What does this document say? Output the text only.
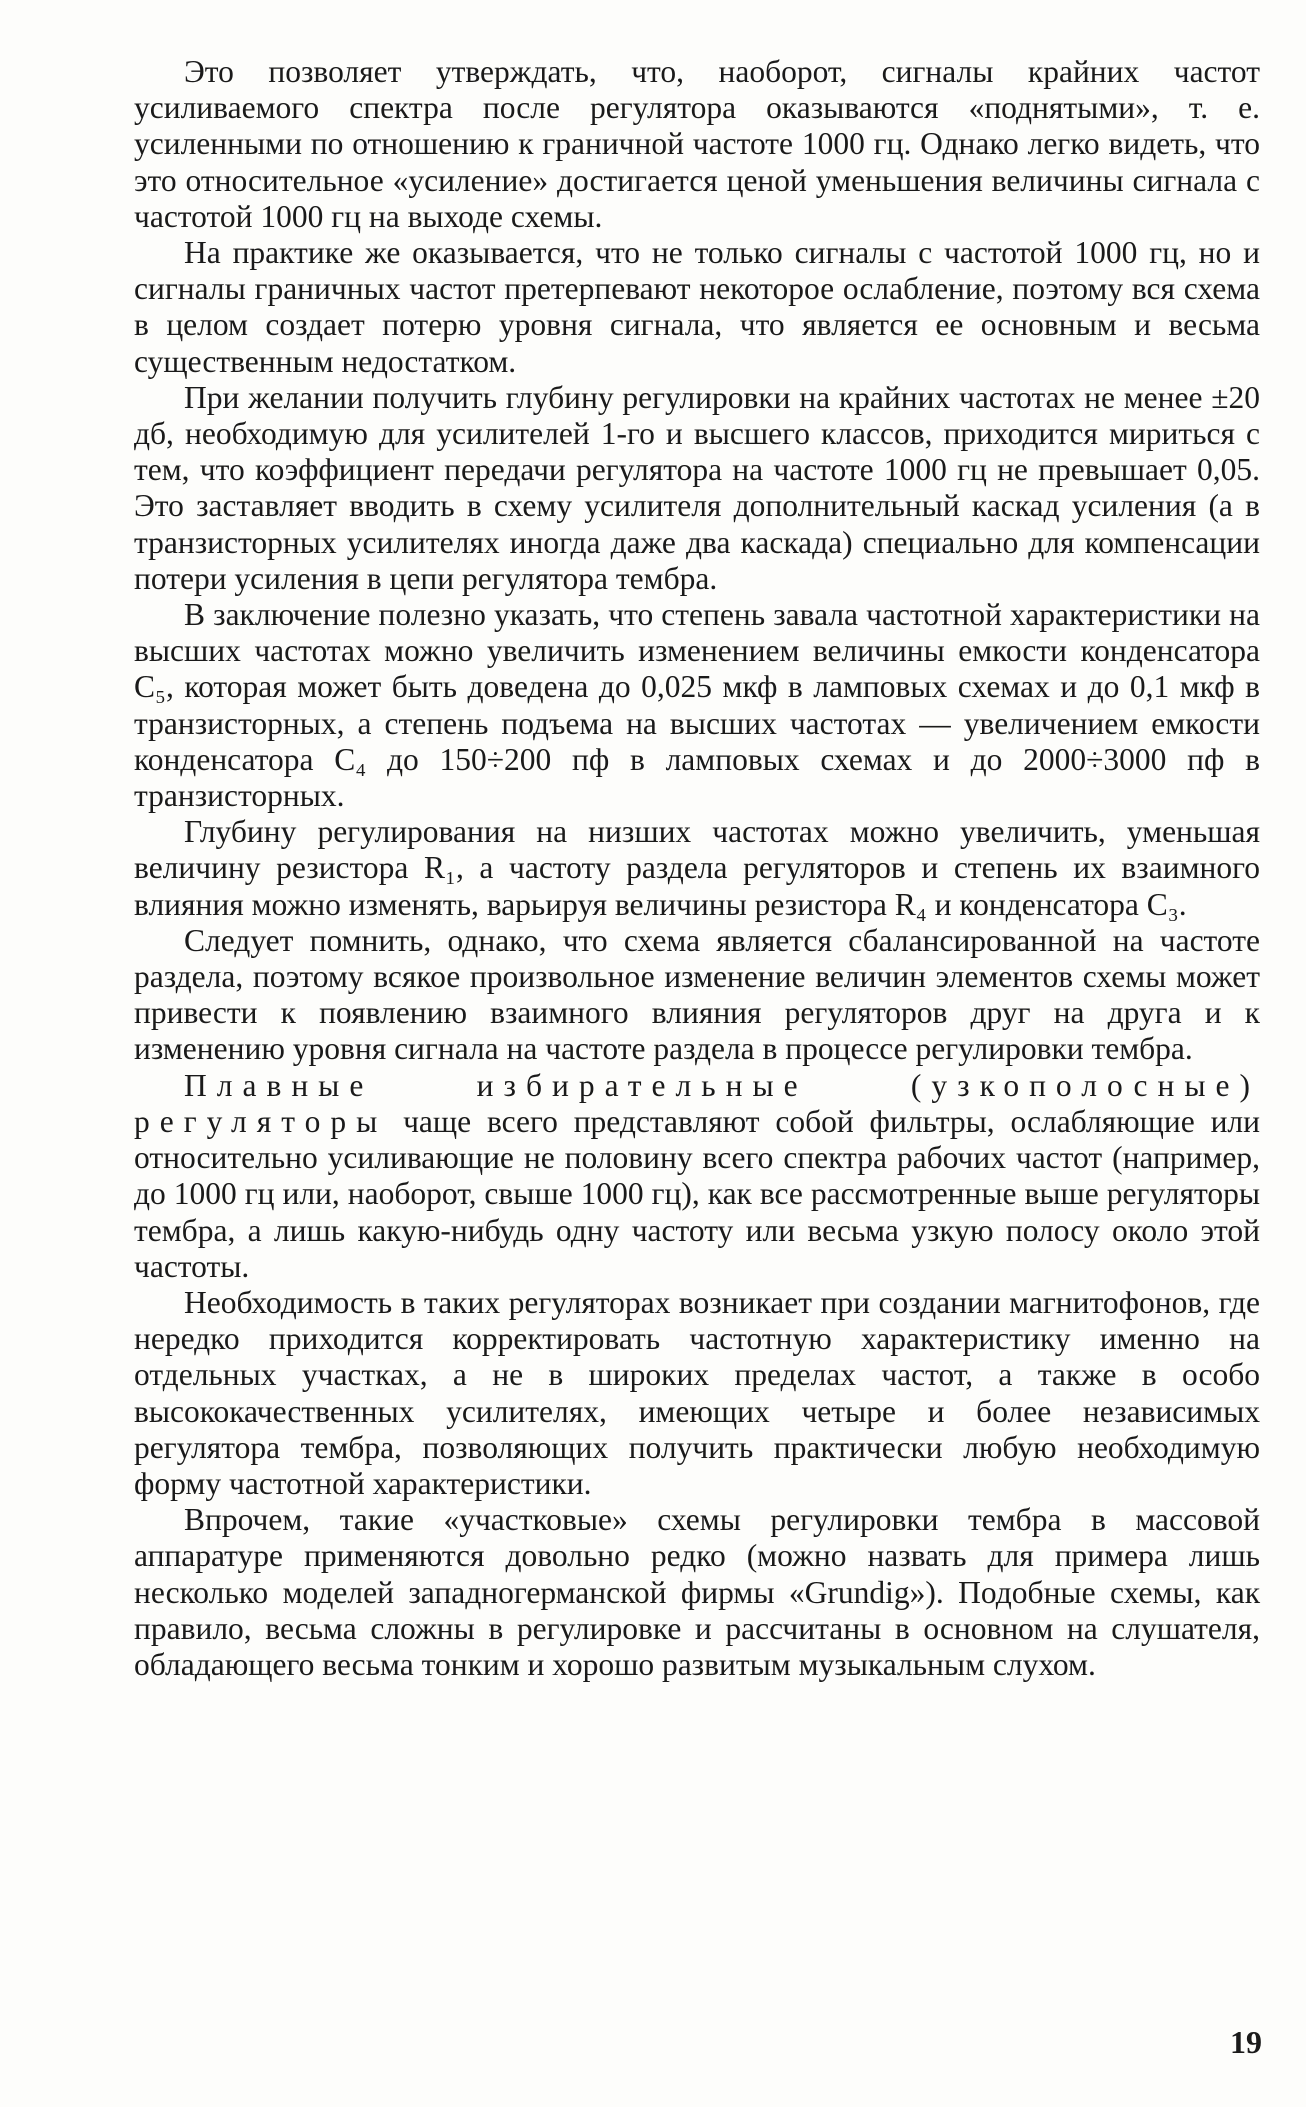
Это позволяет утверждать, что, наоборот, сигналы крайних частот усиливаемого спектра после регулятора оказываются «поднятыми», т. е. усиленными по отношению к граничной частоте 1000 гц. Однако легко видеть, что это относительное «усиление» достигается ценой уменьшения величины сигнала с частотой 1000 гц на выходе схемы.

На практике же оказывается, что не только сигналы с частотой 1000 гц, но и сигналы граничных частот претерпевают некоторое ослабление, поэтому вся схема в целом создает потерю уровня сигнала, что является ее основным и весьма существенным недостатком.

При желании получить глубину регулировки на крайних частотах не менее ±20 дб, необходимую для усилителей 1-го и высшего классов, приходится мириться с тем, что коэффициент передачи регулятора на частоте 1000 гц не превышает 0,05. Это заставляет вводить в схему усилителя дополнительный каскад усиления (а в транзисторных усилителях иногда даже два каскада) специально для компенсации потери усиления в цепи регулятора тембра.

В заключение полезно указать, что степень завала частотной характеристики на высших частотах можно увеличить изменением величины емкости конденсатора C₅, которая может быть доведена до 0,025 мкф в ламповых схемах и до 0,1 мкф в транзисторных, а степень подъема на высших частотах — увеличением емкости конденсатора C₄ до 150÷200 пф в ламповых схемах и до 2000÷3000 пф в транзисторных.

Глубину регулирования на низших частотах можно увеличить, уменьшая величину резистора R₁, а частоту раздела регуляторов и степень их взаимного влияния можно изменять, варьируя величины резистора R₄ и конденсатора C₃.

Следует помнить, однако, что схема является сбалансированной на частоте раздела, поэтому всякое произвольное изменение величин элементов схемы может привести к появлению взаимного влияния регуляторов друг на друга и к изменению уровня сигнала на частоте раздела в процессе регулировки тембра.

Плавные избирательные (узкополосные) регуляторы чаще всего представляют собой фильтры, ослабляющие или относительно усиливающие не половину всего спектра рабочих частот (например, до 1000 гц или, наоборот, свыше 1000 гц), как все рассмотренные выше регуляторы тембра, а лишь какую-нибудь одну частоту или весьма узкую полосу около этой частоты.

Необходимость в таких регуляторах возникает при создании магнитофонов, где нередко приходится корректировать частотную характеристику именно на отдельных участках, а не в широких пределах частот, а также в особо высококачественных усилителях, имеющих четыре и более независимых регулятора тембра, позволяющих получить практически любую необходимую форму частотной характеристики.

Впрочем, такие «участковые» схемы регулировки тембра в массовой аппаратуре применяются довольно редко (можно назвать для примера лишь несколько моделей западногерманской фирмы «Grundig»). Подобные схемы, как правило, весьма сложны в регулировке и рассчитаны в основном на слушателя, обладающего весьма тонким и хорошо развитым музыкальным слухом.

19
